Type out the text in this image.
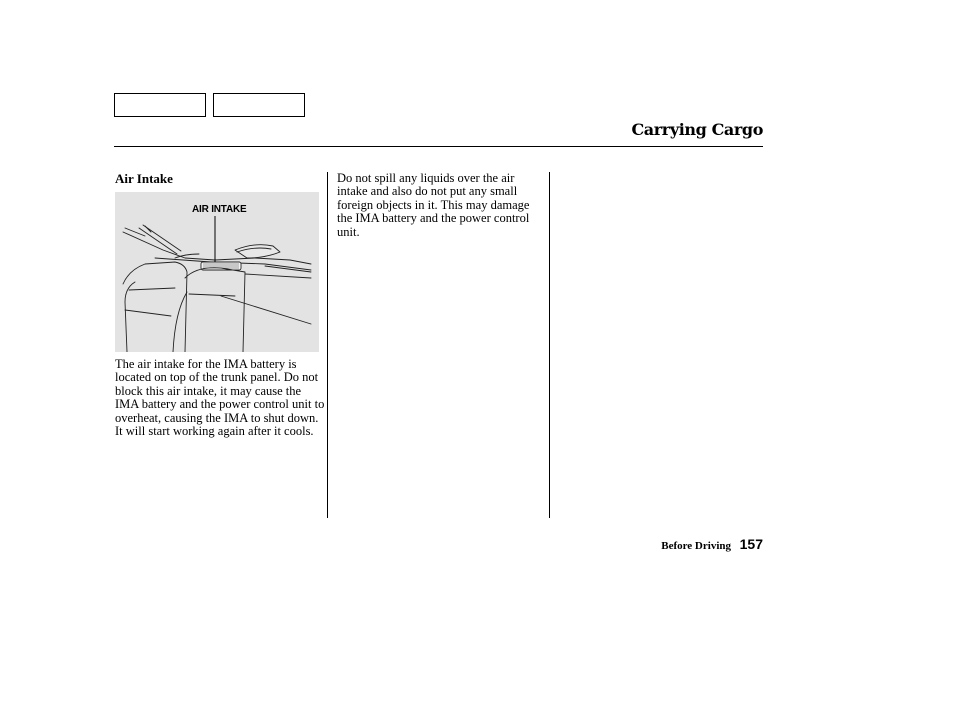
Carrying Cargo
Air Intake
AIR INTAKE

The air intake for the IMA battery is located on top of the trunk panel. Do not block this air intake, it may cause the IMA battery and the power control unit to overheat, causing the IMA to shut down. It will start working again after it cools.

Do not spill any liquids over the air intake and also do not put any small foreign objects in it. This may damage the IMA battery and the power control unit.

Before Driving 157
